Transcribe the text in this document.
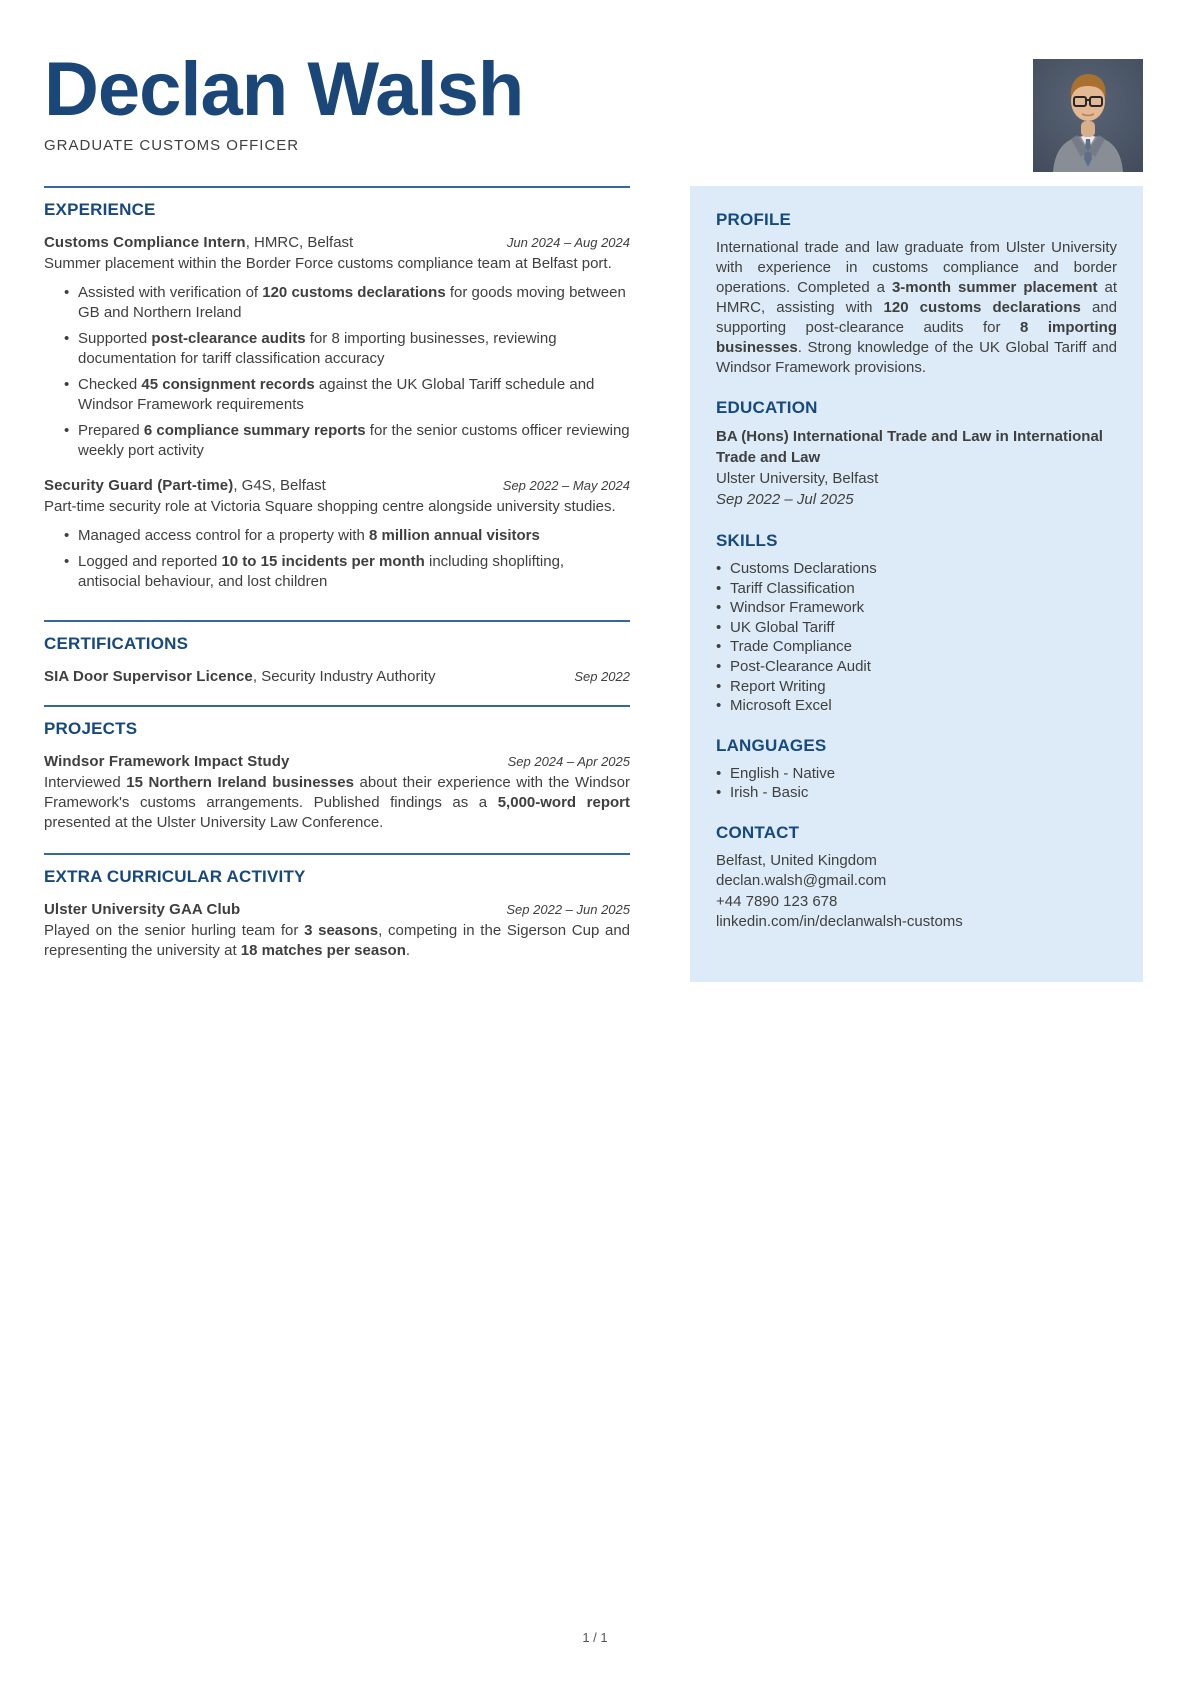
Declan Walsh
GRADUATE CUSTOMS OFFICER
EXPERIENCE
Customs Compliance Intern, HMRC, Belfast	Jun 2024 – Aug 2024

Summer placement within the Border Force customs compliance team at Belfast port.

• Assisted with verification of 120 customs declarations for goods moving between GB and Northern Ireland
• Supported post-clearance audits for 8 importing businesses, reviewing documentation for tariff classification accuracy
• Checked 45 consignment records against the UK Global Tariff schedule and Windsor Framework requirements
• Prepared 6 compliance summary reports for the senior customs officer reviewing weekly port activity
Security Guard (Part-time), G4S, Belfast	Sep 2022 – May 2024

Part-time security role at Victoria Square shopping centre alongside university studies.

• Managed access control for a property with 8 million annual visitors
• Logged and reported 10 to 15 incidents per month including shoplifting, antisocial behaviour, and lost children
CERTIFICATIONS
SIA Door Supervisor Licence, Security Industry Authority	Sep 2022
PROJECTS
Windsor Framework Impact Study	Sep 2024 – Apr 2025

Interviewed 15 Northern Ireland businesses about their experience with the Windsor Framework's customs arrangements. Published findings as a 5,000-word report presented at the Ulster University Law Conference.

EXTRA CURRICULAR ACTIVITY
Ulster University GAA Club	Sep 2022 – Jun 2025

Played on the senior hurling team for 3 seasons, competing in the Sigerson Cup and representing the university at 18 matches per season.

PROFILE

International trade and law graduate from Ulster University with experience in customs compliance and border operations. Completed a 3-month summer placement at HMRC, assisting with 120 customs declarations and supporting post-clearance audits for 8 importing businesses. Strong knowledge of the UK Global Tariff and Windsor Framework provisions.

EDUCATION

BA (Hons) International Trade and Law in International Trade and Law

Ulster University, Belfast

Sep 2022 – Jul 2025

SKILLS
• Customs Declarations
• Tariff Classification
• Windsor Framework
• UK Global Tariff
• Trade Compliance
• Post-Clearance Audit
• Report Writing
• Microsoft Excel
LANGUAGES
• English - Native
• Irish - Basic
CONTACT
Belfast, United Kingdom
declan.walsh@gmail.com
+44 7890 123 678
linkedin.com/in/declanwalsh-customs
1 / 1
